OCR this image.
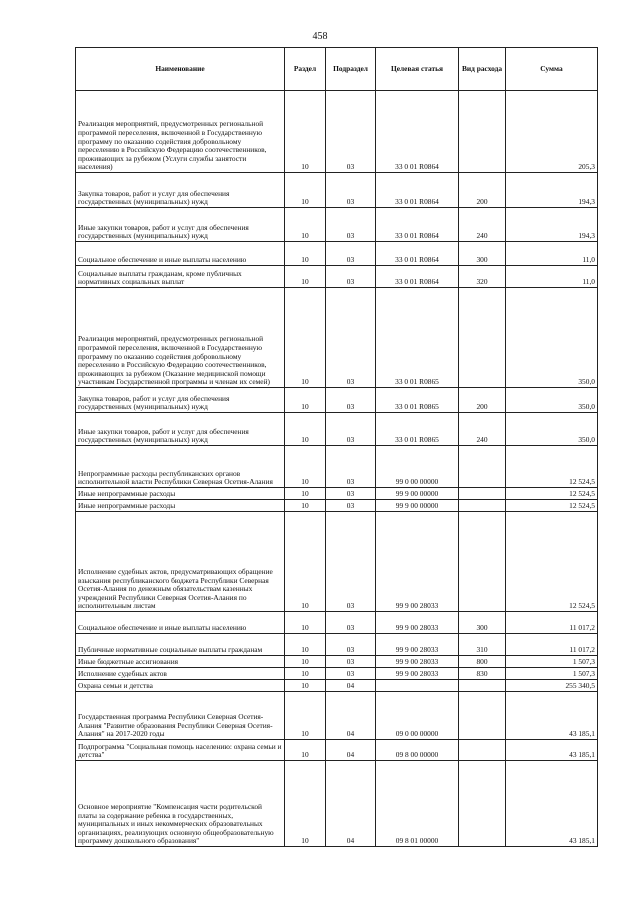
458
Наименование	Раздел	Подраздел	Целевая статья	Вид расхода	Сумма
Реализация мероприятий, предусмотренных региональной программой переселения, включенной в Государственную программу по оказанию содействия добровольному переселению в Российскую Федерацию соотечественников, проживающих за рубежом (Услуги службы занятости населения)	10	03	33 0 01 R0864		205,3
Закупка товаров, работ и услуг для обеспечения государственных (муниципальных) нужд	10	03	33 0 01 R0864	200	194,3
Иные закупки товаров, работ и услуг для обеспечения государственных (муниципальных) нужд	10	03	33 0 01 R0864	240	194,3
Социальное обеспечение и иные выплаты населению	10	03	33 0 01 R0864	300	11,0
Социальные выплаты гражданам, кроме публичных нормативных социальных выплат	10	03	33 0 01 R0864	320	11,0
Реализация мероприятий, предусмотренных региональной программой переселения, включенной в Государственную программу по оказанию содействия добровольному переселению в Российскую Федерацию соотечественников, проживающих за рубежом (Оказание медицинской помощи участникам Государственной программы и членам их семей)	10	03	33 0 01 R0865		350,0
Закупка товаров, работ и услуг для обеспечения государственных (муниципальных) нужд	10	03	33 0 01 R0865	200	350,0
Иные закупки товаров, работ и услуг для обеспечения государственных (муниципальных) нужд	10	03	33 0 01 R0865	240	350,0
Непрограммные расходы республиканских органов исполнительной власти Республики Северная Осетия-Алания	10	03	99 0 00 00000		12 524,5
Иные непрограммные расходы	10	03	99 9 00 00000		12 524,5
Иные непрограммные расходы	10	03	99 9 00 00000		12 524,5
Исполнение судебных актов, предусматривающих обращение взыскания республиканского бюджета Республики Северная Осетия-Алания по денежным обязательствам казенных учреждений Республики Северная Осетия-Алания по исполнительным листам	10	03	99 9 00 28033		12 524,5
Социальное обеспечение и иные выплаты населению	10	03	99 9 00 28033	300	11 017,2
Публичные нормативные социальные выплаты гражданам	10	03	99 9 00 28033	310	11 017,2
Иные бюджетные ассигнования	10	03	99 9 00 28033	800	1 507,3
Исполнение судебных актов	10	03	99 9 00 28033	830	1 507,3
Охрана семьи и детства	10	04			255 340,5
Государственная программа Республики Северная Осетия-Алания "Развитие образования Республики Северная Осетия-Алания" на 2017-2020 годы	10	04	09 0 00 00000		43 185,1
Подпрограмма "Социальная помощь населению: охрана семьи и детства"	10	04	09 8 00 00000		43 185,1
Основное мероприятие "Компенсация части родительской платы за содержание ребенка в государственных, муниципальных и иных некоммерческих образовательных организациях, реализующих основную общеобразовательную программу дошкольного образования"	10	04	09 8 01 00000		43 185,1
